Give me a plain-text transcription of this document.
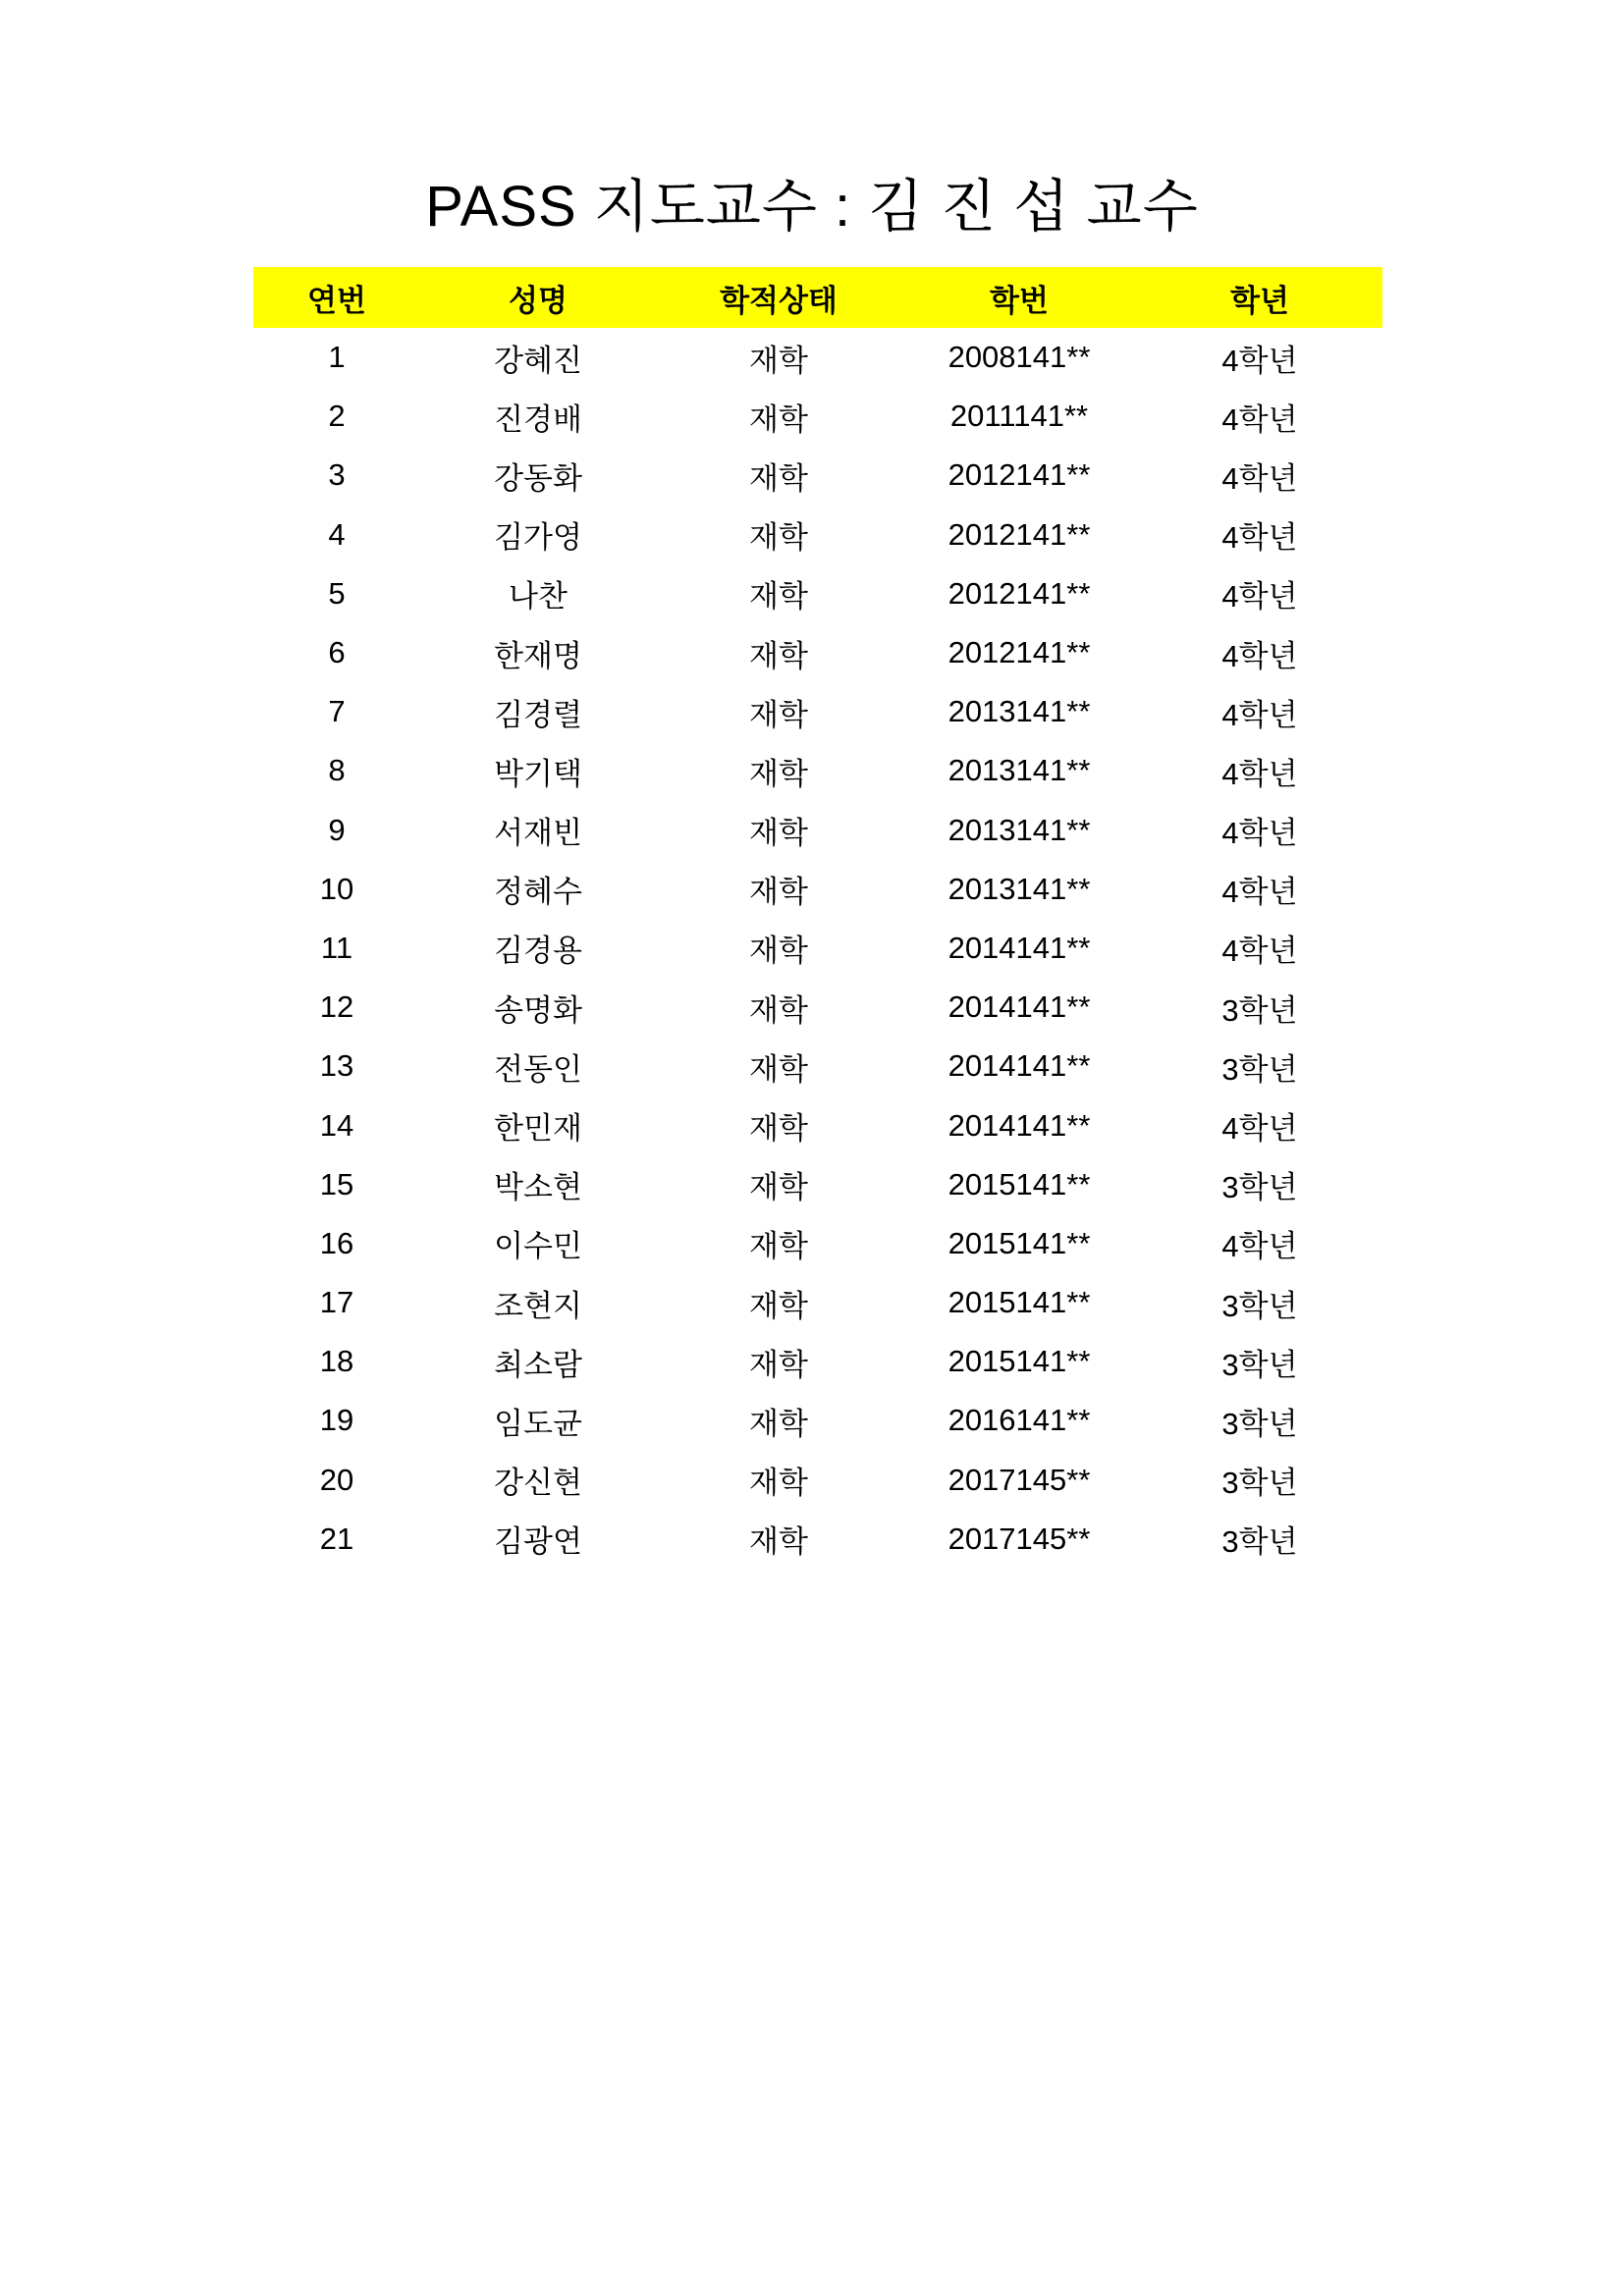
PASS 지도교수 : 김 진 섭 교수
연번	성명	학적상태	학번	학년
1	강혜진	재학	2008141**	4학년
2	진경배	재학	2011141**	4학년
3	강동화	재학	2012141**	4학년
4	김가영	재학	2012141**	4학년
5	나찬	재학	2012141**	4학년
6	한재명	재학	2012141**	4학년
7	김경렬	재학	2013141**	4학년
8	박기택	재학	2013141**	4학년
9	서재빈	재학	2013141**	4학년
10	정혜수	재학	2013141**	4학년
11	김경용	재학	2014141**	4학년
12	송명화	재학	2014141**	3학년
13	전동인	재학	2014141**	3학년
14	한민재	재학	2014141**	4학년
15	박소현	재학	2015141**	3학년
16	이수민	재학	2015141**	4학년
17	조현지	재학	2015141**	3학년
18	최소람	재학	2015141**	3학년
19	임도균	재학	2016141**	3학년
20	강신현	재학	2017145**	3학년
21	김광연	재학	2017145**	3학년
